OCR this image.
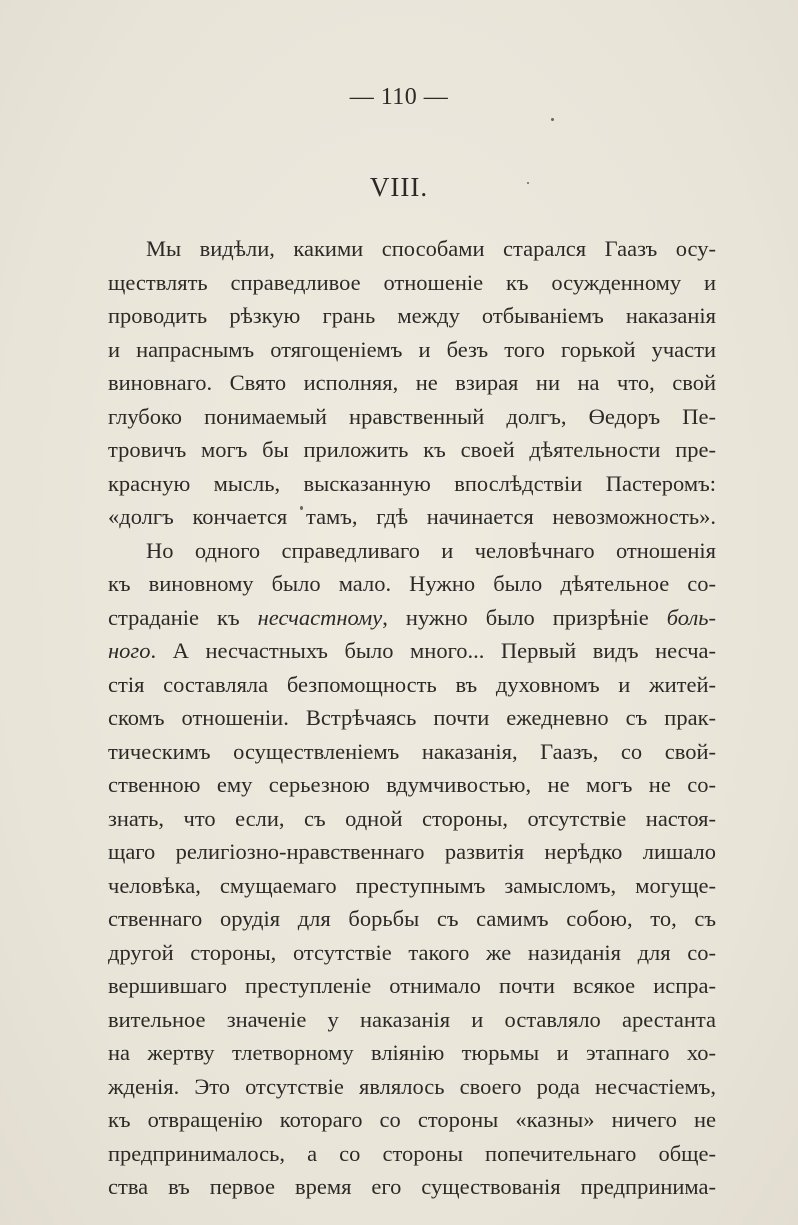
— 110 —
VIII.
Мы видѣли, какими способами старался Гаазъ осу-
ществлять справедливое отношеніе къ осужденному и
проводить рѣзкую грань между отбываніемъ наказанія
и напраснымъ отягощеніемъ и безъ того горькой участи
виновнаго. Свято исполняя, не взирая ни на что, свой
глубоко понимаемый нравственный долгъ, Өедоръ Пе-
тровичъ могъ бы приложить къ своей дѣятельности пре-
красную мысль, высказанную впослѣдствіи Пастеромъ:
«долгъ кончается тамъ, гдѣ начинается невозможность».
Но одного справедливаго и человѣчнаго отношенія
къ виновному было мало. Нужно было дѣятельное со-
страданіе къ несчастному, нужно было призрѣніе боль-
ного. А несчастныхъ было много... Первый видъ несча-
стія составляла безпомощность въ духовномъ и житей-
скомъ отношеніи. Встрѣчаясь почти ежедневно съ прак-
тическимъ осуществленіемъ наказанія, Гаазъ, со свой-
ственною ему серьезною вдумчивостью, не могъ не со-
знать, что если, съ одной стороны, отсутствіе настоя-
щаго религіозно-нравственнаго развитія нерѣдко лишало
человѣка, смущаемаго преступнымъ замысломъ, могуще-
ственнаго орудія для борьбы съ самимъ собою, то, съ
другой стороны, отсутствіе такого же назиданія для со-
вершившаго преступленіе отнимало почти всякое испра-
вительное значеніе у наказанія и оставляло арестанта
на жертву тлетворному вліянію тюрьмы и этапнаго хо-
жденія. Это отсутствіе являлось своего рода несчастіемъ,
къ отвращенію котораго со стороны «казны» ничего не
предпринималось, а со стороны попечительнаго обще-
ства въ первое время его существованія предпринима-
